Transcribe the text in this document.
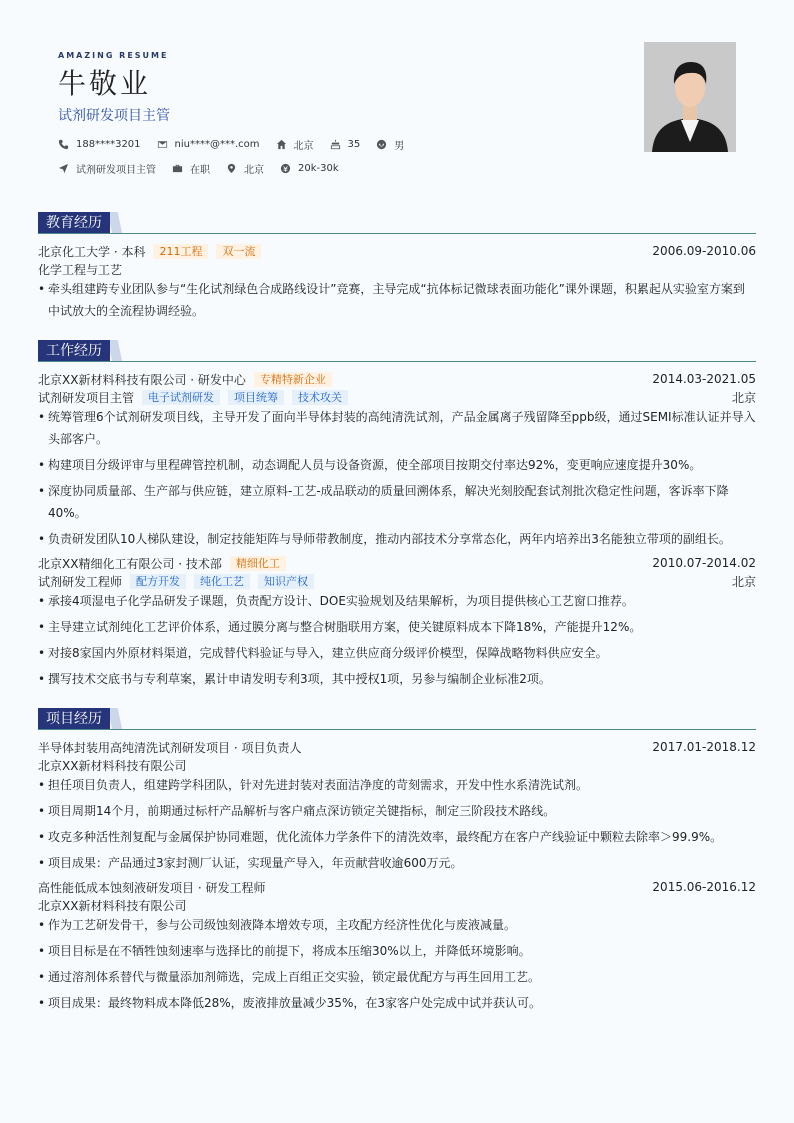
AMAZING RESUME
牛敬业
试剂研发项目主管
188****3201	niu****@***.com	北京	35	男
试剂研发项目主管	在职	北京	20k-30k
教育经历
北京化工大学 · 本科	211工程	双一流	2006.09-2010.06
化学工程与工艺
• 牵头组建跨专业团队参与“生化试剂绿色合成路线设计”竞赛，主导完成“抗体标记微球表面功能化”课外课题，积累起从实验室方案到中试放大的全流程协调经验。
工作经历
北京XX新材料科技有限公司 · 研发中心	专精特新企业	2014.03-2021.05
试剂研发项目主管	电子试剂研发	项目统筹	技术攻关	北京
• 统筹管理6个试剂研发项目线，主导开发了面向半导体封装的高纯清洗试剂，产品金属离子残留降至ppb级，通过SEMI标准认证并导入头部客户。
• 构建项目分级评审与里程碑管控机制，动态调配人员与设备资源，使全部项目按期交付率达92%，变更响应速度提升30%。
• 深度协同质量部、生产部与供应链，建立原料-工艺-成品联动的质量回溯体系，解决光刻胶配套试剂批次稳定性问题，客诉率下降40%。
• 负责研发团队10人梯队建设，制定技能矩阵与导师带教制度，推动内部技术分享常态化，两年内培养出3名能独立带项的副组长。
北京XX精细化工有限公司 · 技术部	精细化工	2010.07-2014.02
试剂研发工程师	配方开发	纯化工艺	知识产权	北京
• 承接4项湿电子化学品研发子课题，负责配方设计、DOE实验规划及结果解析，为项目提供核心工艺窗口推荐。
• 主导建立试剂纯化工艺评价体系，通过膜分离与整合树脂联用方案，使关键原料成本下降18%，产能提升12%。
• 对接8家国内外原材料渠道，完成替代料验证与导入，建立供应商分级评价模型，保障战略物料供应安全。
• 撰写技术交底书与专利草案，累计申请发明专利3项，其中授权1项，另参与编制企业标准2项。
项目经历
半导体封装用高纯清洗试剂研发项目 · 项目负责人	2017.01-2018.12
北京XX新材料科技有限公司
• 担任项目负责人，组建跨学科团队，针对先进封装对表面洁净度的苛刻需求，开发中性水系清洗试剂。
• 项目周期14个月，前期通过标杆产品解析与客户痛点深访锁定关键指标，制定三阶段技术路线。
• 攻克多种活性剂复配与金属保护协同难题，优化流体力学条件下的清洗效率，最终配方在客户产线验证中颗粒去除率＞99.9%。
• 项目成果：产品通过3家封测厂认证，实现量产导入，年贡献营收逾600万元。
高性能低成本蚀刻液研发项目 · 研发工程师	2015.06-2016.12
北京XX新材料科技有限公司
• 作为工艺研发骨干，参与公司级蚀刻液降本增效专项，主攻配方经济性优化与废液减量。
• 项目目标是在不牺牲蚀刻速率与选择比的前提下，将成本压缩30%以上，并降低环境影响。
• 通过溶剂体系替代与微量添加剂筛选，完成上百组正交实验，锁定最优配方与再生回用工艺。
• 项目成果：最终物料成本降低28%，废液排放量减少35%，在3家客户处完成中试并获认可。
